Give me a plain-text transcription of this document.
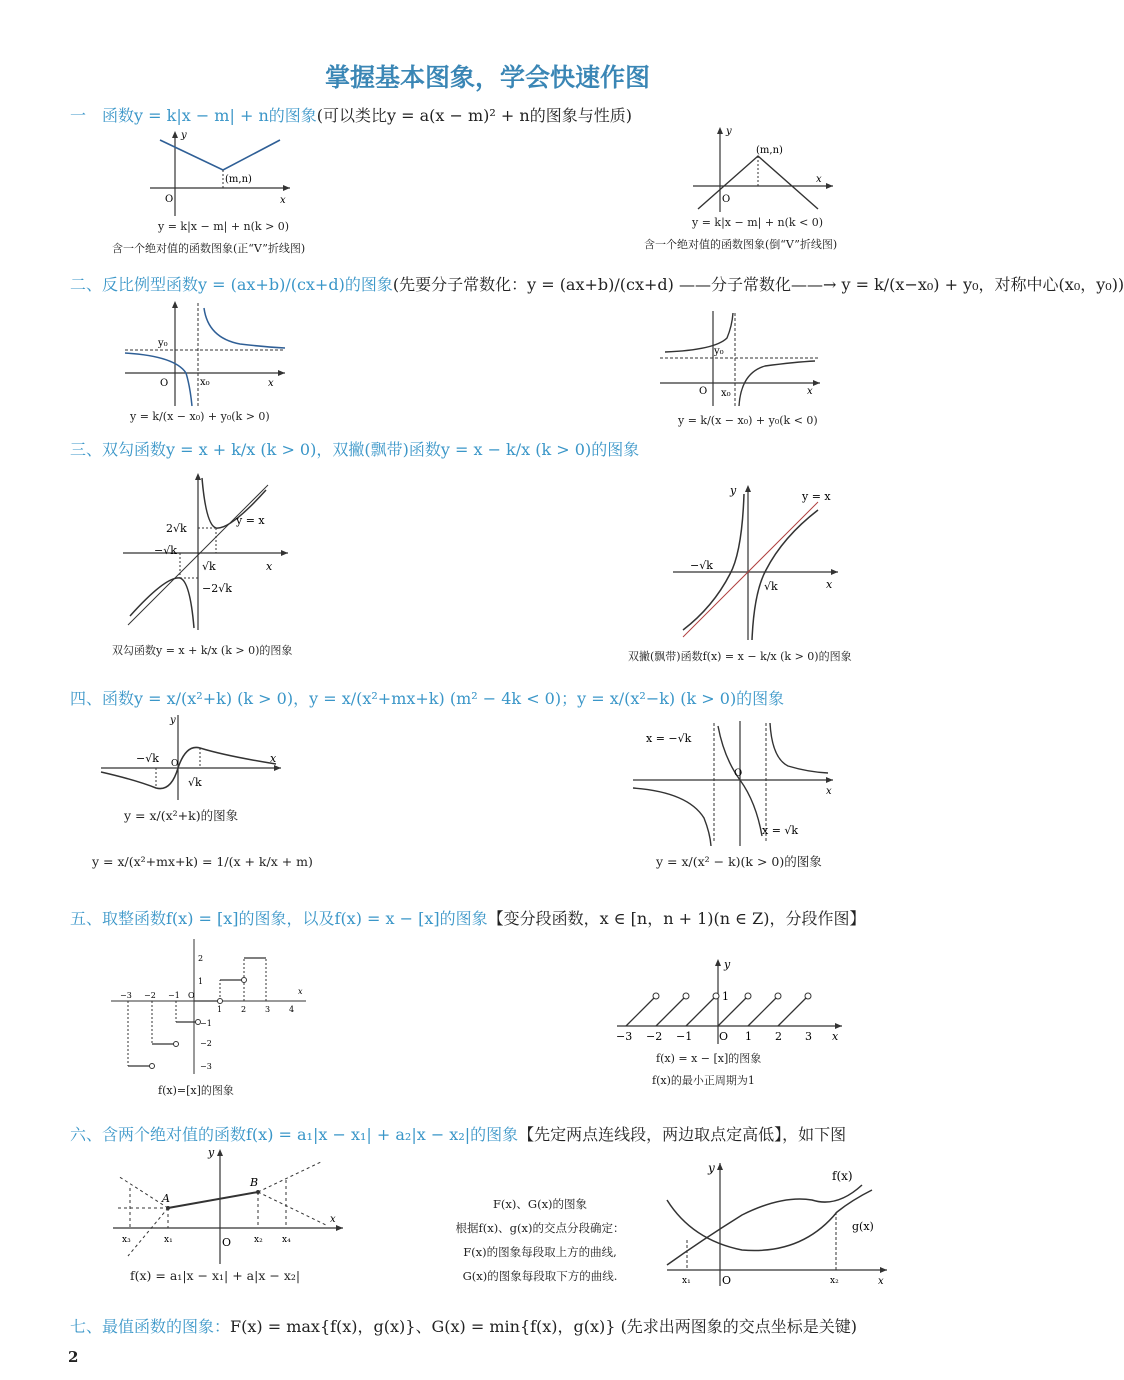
掌握基本图象，学会快速作图
一　函数y = k|x − m| + n的图象(可以类比y = a(x − m)² + n的图象与性质)
O	x
y
(m,n)
y = k|x − m| + n(k > 0)
含一个绝对值的函数图象(正“V”折线图)
O
x
y
(m,n)
y = k|x − m| + n(k < 0)
含一个绝对值的函数图象(倒“V”折线图)
二、反比例型函数y = (ax+b)/(cx+d)的图象(先要分子常数化：y = (ax+b)/(cx+d) ——分子常数化——→ y = k/(x−x₀) + y₀，对称中心(x₀，y₀))
y₀
x₀
O	x
y = k/(x − x₀) + y₀(k > 0)
y₀
x₀
O	x
y = k/(x − x₀) + y₀(k < 0)
三、双勾函数y = x + k/x (k > 0)，双撇(飘带)函数y = x − k/x (k > 0)的图象
2√k
−√k
√k
−2√k
y = x
x
双勾函数y = x + k/x (k > 0)的图象
−√k
√k
y = x
y
x
双撇(飘带)函数f(x) = x − k/x (k > 0)的图象
四、函数y = x/(x²+k) (k > 0)，y = x/(x²+mx+k) (m² − 4k < 0)；y = x/(x²−k) (k > 0)的图象
−√k
√k
O	x
y
y = x/(x²+k)的图象
y = x/(x²+mx+k) = 1/(x + k/x + m)
x = −√k
x = √k
O
x
y = x/(x² − k)(k > 0)的图象
五、取整函数f(x) = [x]的图象，以及f(x) = x − [x]的图象【变分段函数，x ∈ [n，n + 1)(n ∈ Z)，分段作图】
x
−3 −2 −1 O
1 2 3 4
2
1
−1
−2
−3
f(x)=[x]的图象
y
1
−3 −2 −1 O 1 2 3 x
f(x) = x − [x]的图象
f(x)的最小正周期为1
六、含两个绝对值的函数f(x) = a₁|x − x₁| + a₂|x − x₂|的图象【先定两点连线段，两边取点定高低】，如下图
A
B
x₃	x₁	x₂ x₄
O
y
x
f(x) = a₁|x − x₁| + a|x − x₂|
F(x)、G(x)的图象
根据f(x)、g(x)的交点分段确定：
F(x)的图象每段取上方的曲线,
G(x)的图象每段取下方的曲线.
y
f(x)
g(x)
x₁	x₂
O	x
七、最值函数的图象：F(x) = max{f(x)，g(x)}、G(x) = min{f(x)，g(x)} (先求出两图象的交点坐标是关键)
2
